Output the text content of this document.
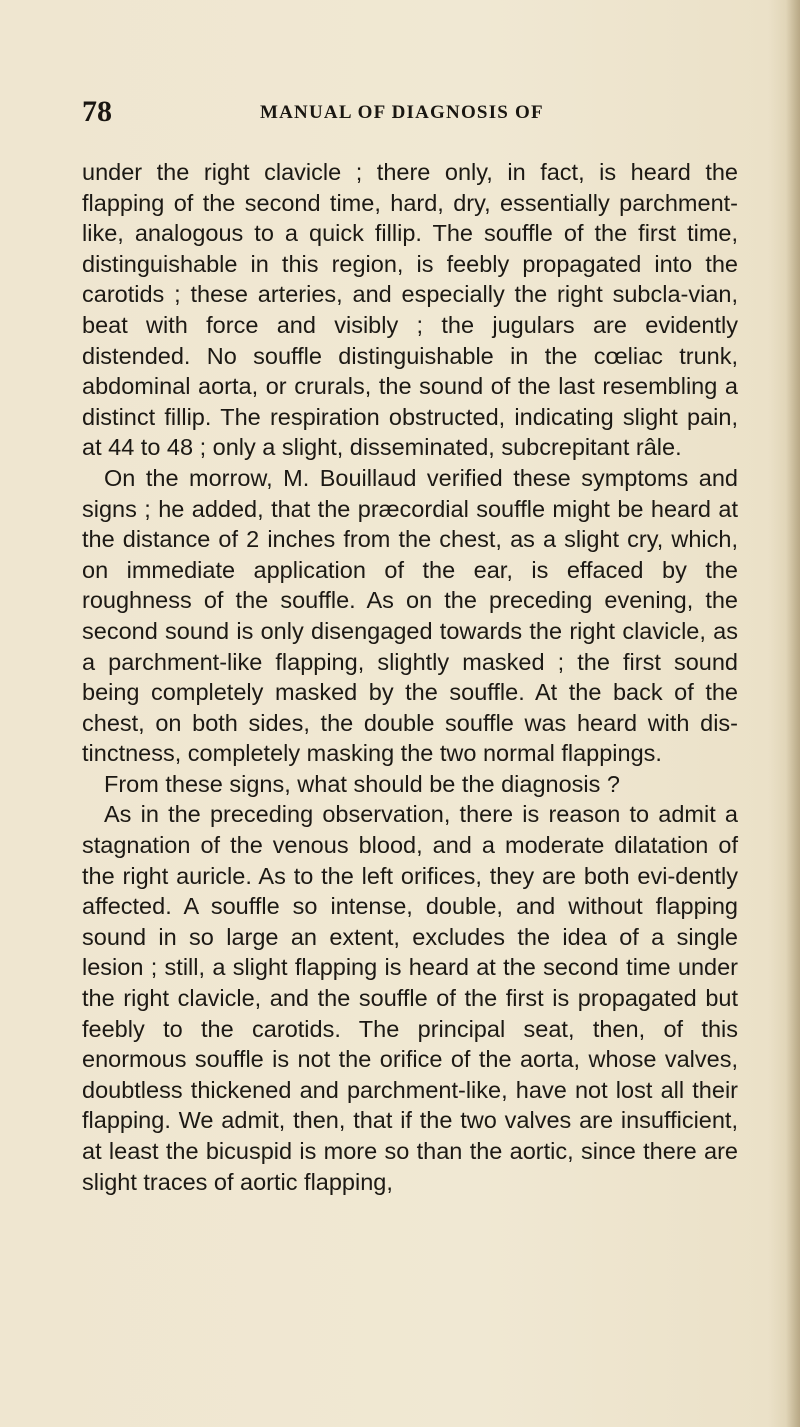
78	MANUAL OF DIAGNOSIS OF

under the right clavicle ; there only, in fact, is heard the flapping of the second time, hard, dry, essentially parchment-like, analogous to a quick fillip. The souffle of the first time, distinguishable in this region, is feebly propagated into the carotids ; these arteries, and especially the right subcla-vian, beat with force and visibly ; the jugulars are evidently distended. No souffle distinguishable in the cœliac trunk, abdominal aorta, or crurals, the sound of the last resembling a distinct fillip. The respiration obstructed, indicating slight pain, at 44 to 48 ; only a slight, disseminated, subcrepitant râle.

On the morrow, M. Bouillaud verified these symptoms and signs ; he added, that the præcordial souffle might be heard at the distance of 2 inches from the chest, as a slight cry, which, on immediate application of the ear, is effaced by the roughness of the souffle. As on the preceding evening, the second sound is only disengaged towards the right clavicle, as a parchment-like flapping, slightly masked ; the first sound being completely masked by the souffle. At the back of the chest, on both sides, the double souffle was heard with dis-tinctness, completely masking the two normal flappings.

From these signs, what should be the diagnosis ?

As in the preceding observation, there is reason to admit a stagnation of the venous blood, and a moderate dilatation of the right auricle. As to the left orifices, they are both evi-dently affected. A souffle so intense, double, and without flapping sound in so large an extent, excludes the idea of a single lesion ; still, a slight flapping is heard at the second time under the right clavicle, and the souffle of the first is propagated but feebly to the carotids. The principal seat, then, of this enormous souffle is not the orifice of the aorta, whose valves, doubtless thickened and parchment-like, have not lost all their flapping. We admit, then, that if the two valves are insufficient, at least the bicuspid is more so than the aortic, since there are slight traces of aortic flapping,
